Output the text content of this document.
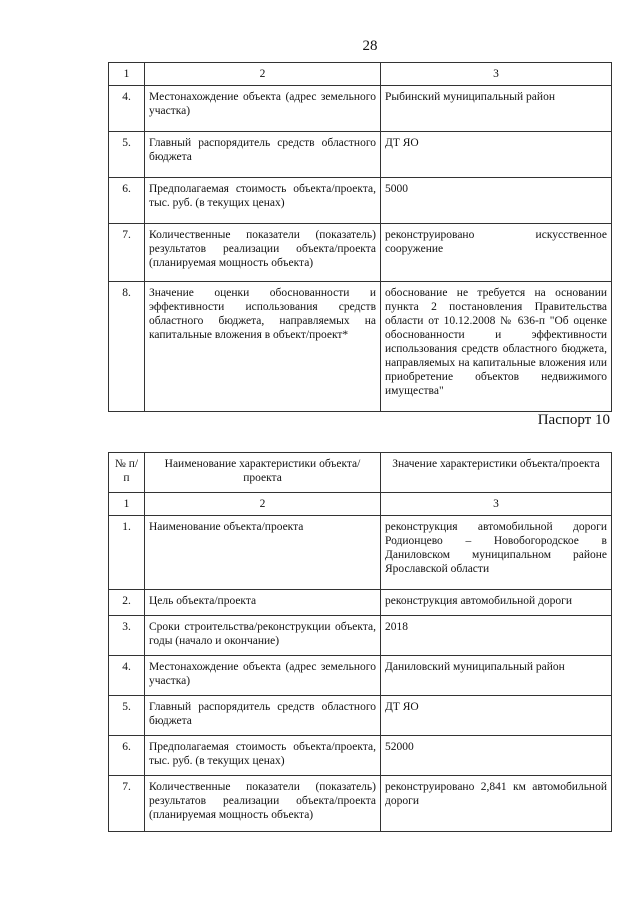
28
1	2	3
4.	Местонахождение объекта (адрес земельного участка)	Рыбинский муниципальный район
5.	Главный распорядитель средств областного бюджета	ДТ ЯО
6.	Предполагаемая стоимость объекта/проекта, тыс. руб. (в текущих ценах)	5000
7.	Количественные показатели (показатель) результатов реализации объекта/проекта (планируемая мощность объекта)	реконструировано искусственное сооружение
8.	Значение оценки обоснованности и эффективности использования средств областного бюджета, направляемых на капитальные вложения в объект/проект*	обоснование не требуется на основании пункта 2 постановления Правительства области от 10.12.2008 № 636-п "Об оценке обоснованности и эффективности использования средств областного бюджета, направляемых на капитальные вложения или приобретение объектов недвижимого имущества"
Паспорт 10
№ п/п	Наименование характеристики объекта/проекта	Значение характеристики объекта/проекта
1	2	3
1.	Наименование объекта/проекта	реконструкция автомобильной дороги Родионцево – Новобогородское в Даниловском муниципальном районе Ярославской области
2.	Цель объекта/проекта	реконструкция автомобильной дороги
3.	Сроки строительства/реконструкции объекта, годы (начало и окончание)	2018
4.	Местонахождение объекта (адрес земельного участка)	Даниловский муниципальный район
5.	Главный распорядитель средств областного бюджета	ДТ ЯО
6.	Предполагаемая стоимость объекта/проекта, тыс. руб. (в текущих ценах)	52000
7.	Количественные показатели (показатель) результатов реализации объекта/проекта (планируемая мощность объекта)	реконструировано 2,841 км автомобильной дороги
